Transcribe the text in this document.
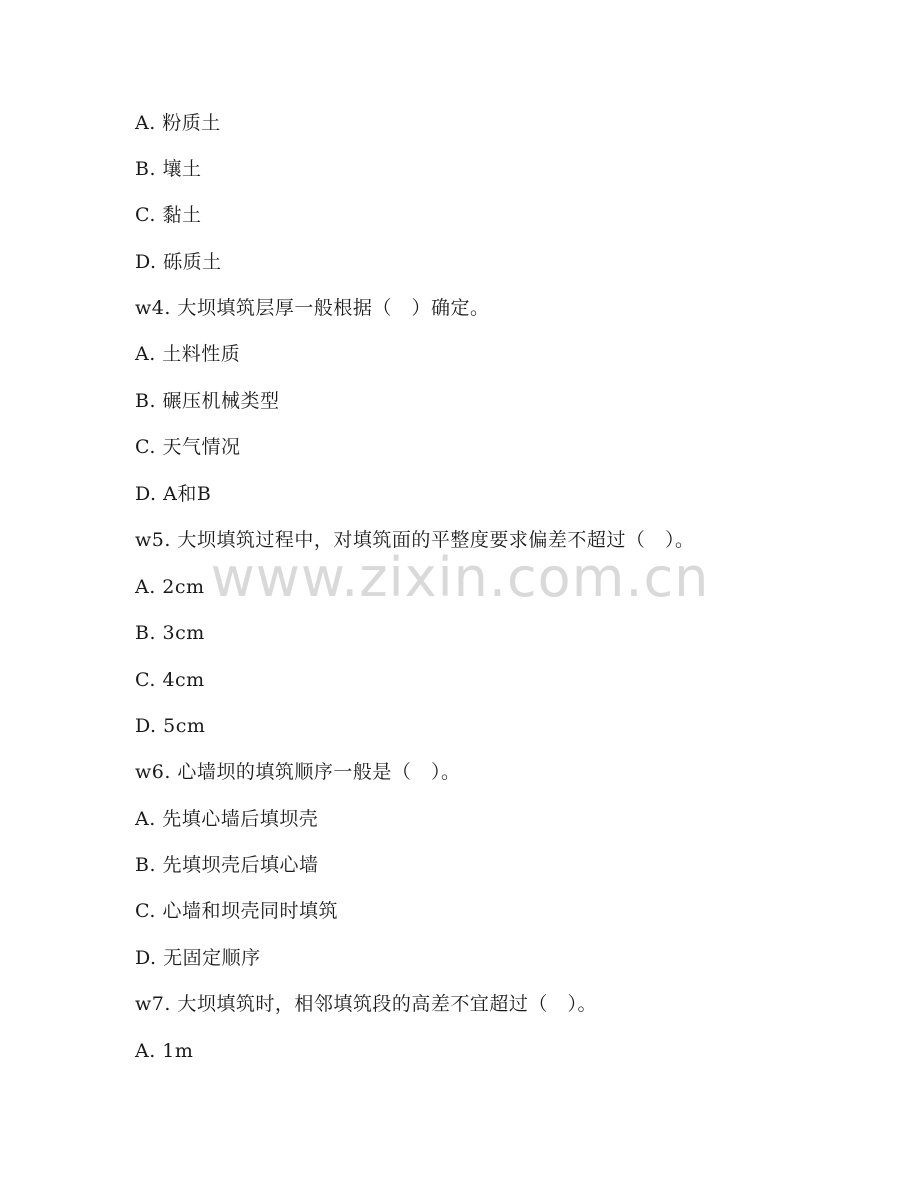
A. 粉质土
B. 壤土
C. 黏土
D. 砾质土
w4. 大坝填筑层厚一般根据（   ）确定。
A. 土料性质
B. 碾压机械类型
C. 天气情况
D. A和B
w5. 大坝填筑过程中，对填筑面的平整度要求偏差不超过（   ）。
A. 2cm
B. 3cm
C. 4cm
D. 5cm
w6. 心墙坝的填筑顺序一般是（   ）。
A. 先填心墙后填坝壳
B. 先填坝壳后填心墙
C. 心墙和坝壳同时填筑
D. 无固定顺序
w7. 大坝填筑时，相邻填筑段的高差不宜超过（   ）。
A. 1m
www.zixin.com.cn
